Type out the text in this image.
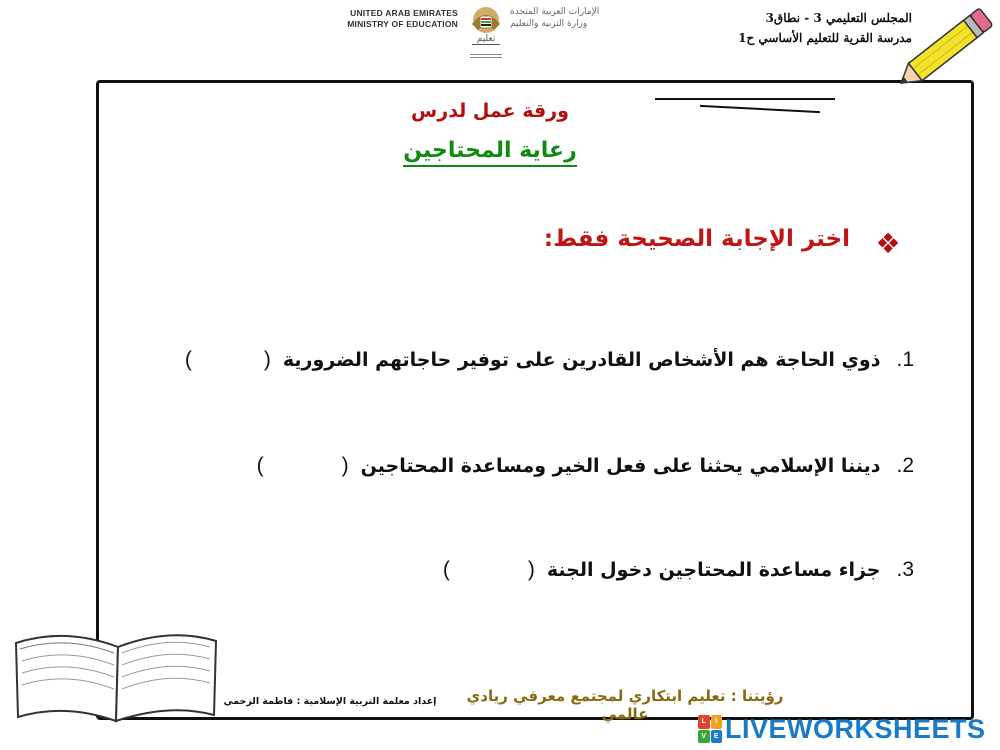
UNITED ARAB EMIRATES
MINISTRY OF EDUCATION
تعليم
الإمارات العربية المتحدة
وزارة التربية والتعليم	المجلس التعليمي 3 - نطاق3
مدرسة القرية للتعليم الأساسي ح1
ورقة عمل لدرس
رعاية المحتاجين
❖
اختر الإجابة الصحيحة فقط:
1.ذوي الحاجة هم الأشخاص القادرين على توفير حاجاتهم الضرورية()
2.ديننا الإسلامي يحثنا على فعل الخير ومساعدة المحتاجين()
3.جزاء مساعدة المحتاجين دخول الجنة()
رؤيتنا : تعليم ابتكاري لمجتمع معرفي ريادي عالمي
إعداد معلمة التربية الإسلامية : فاطمة الزحمي
L	I
V	E LIVEWORKSHEETS
